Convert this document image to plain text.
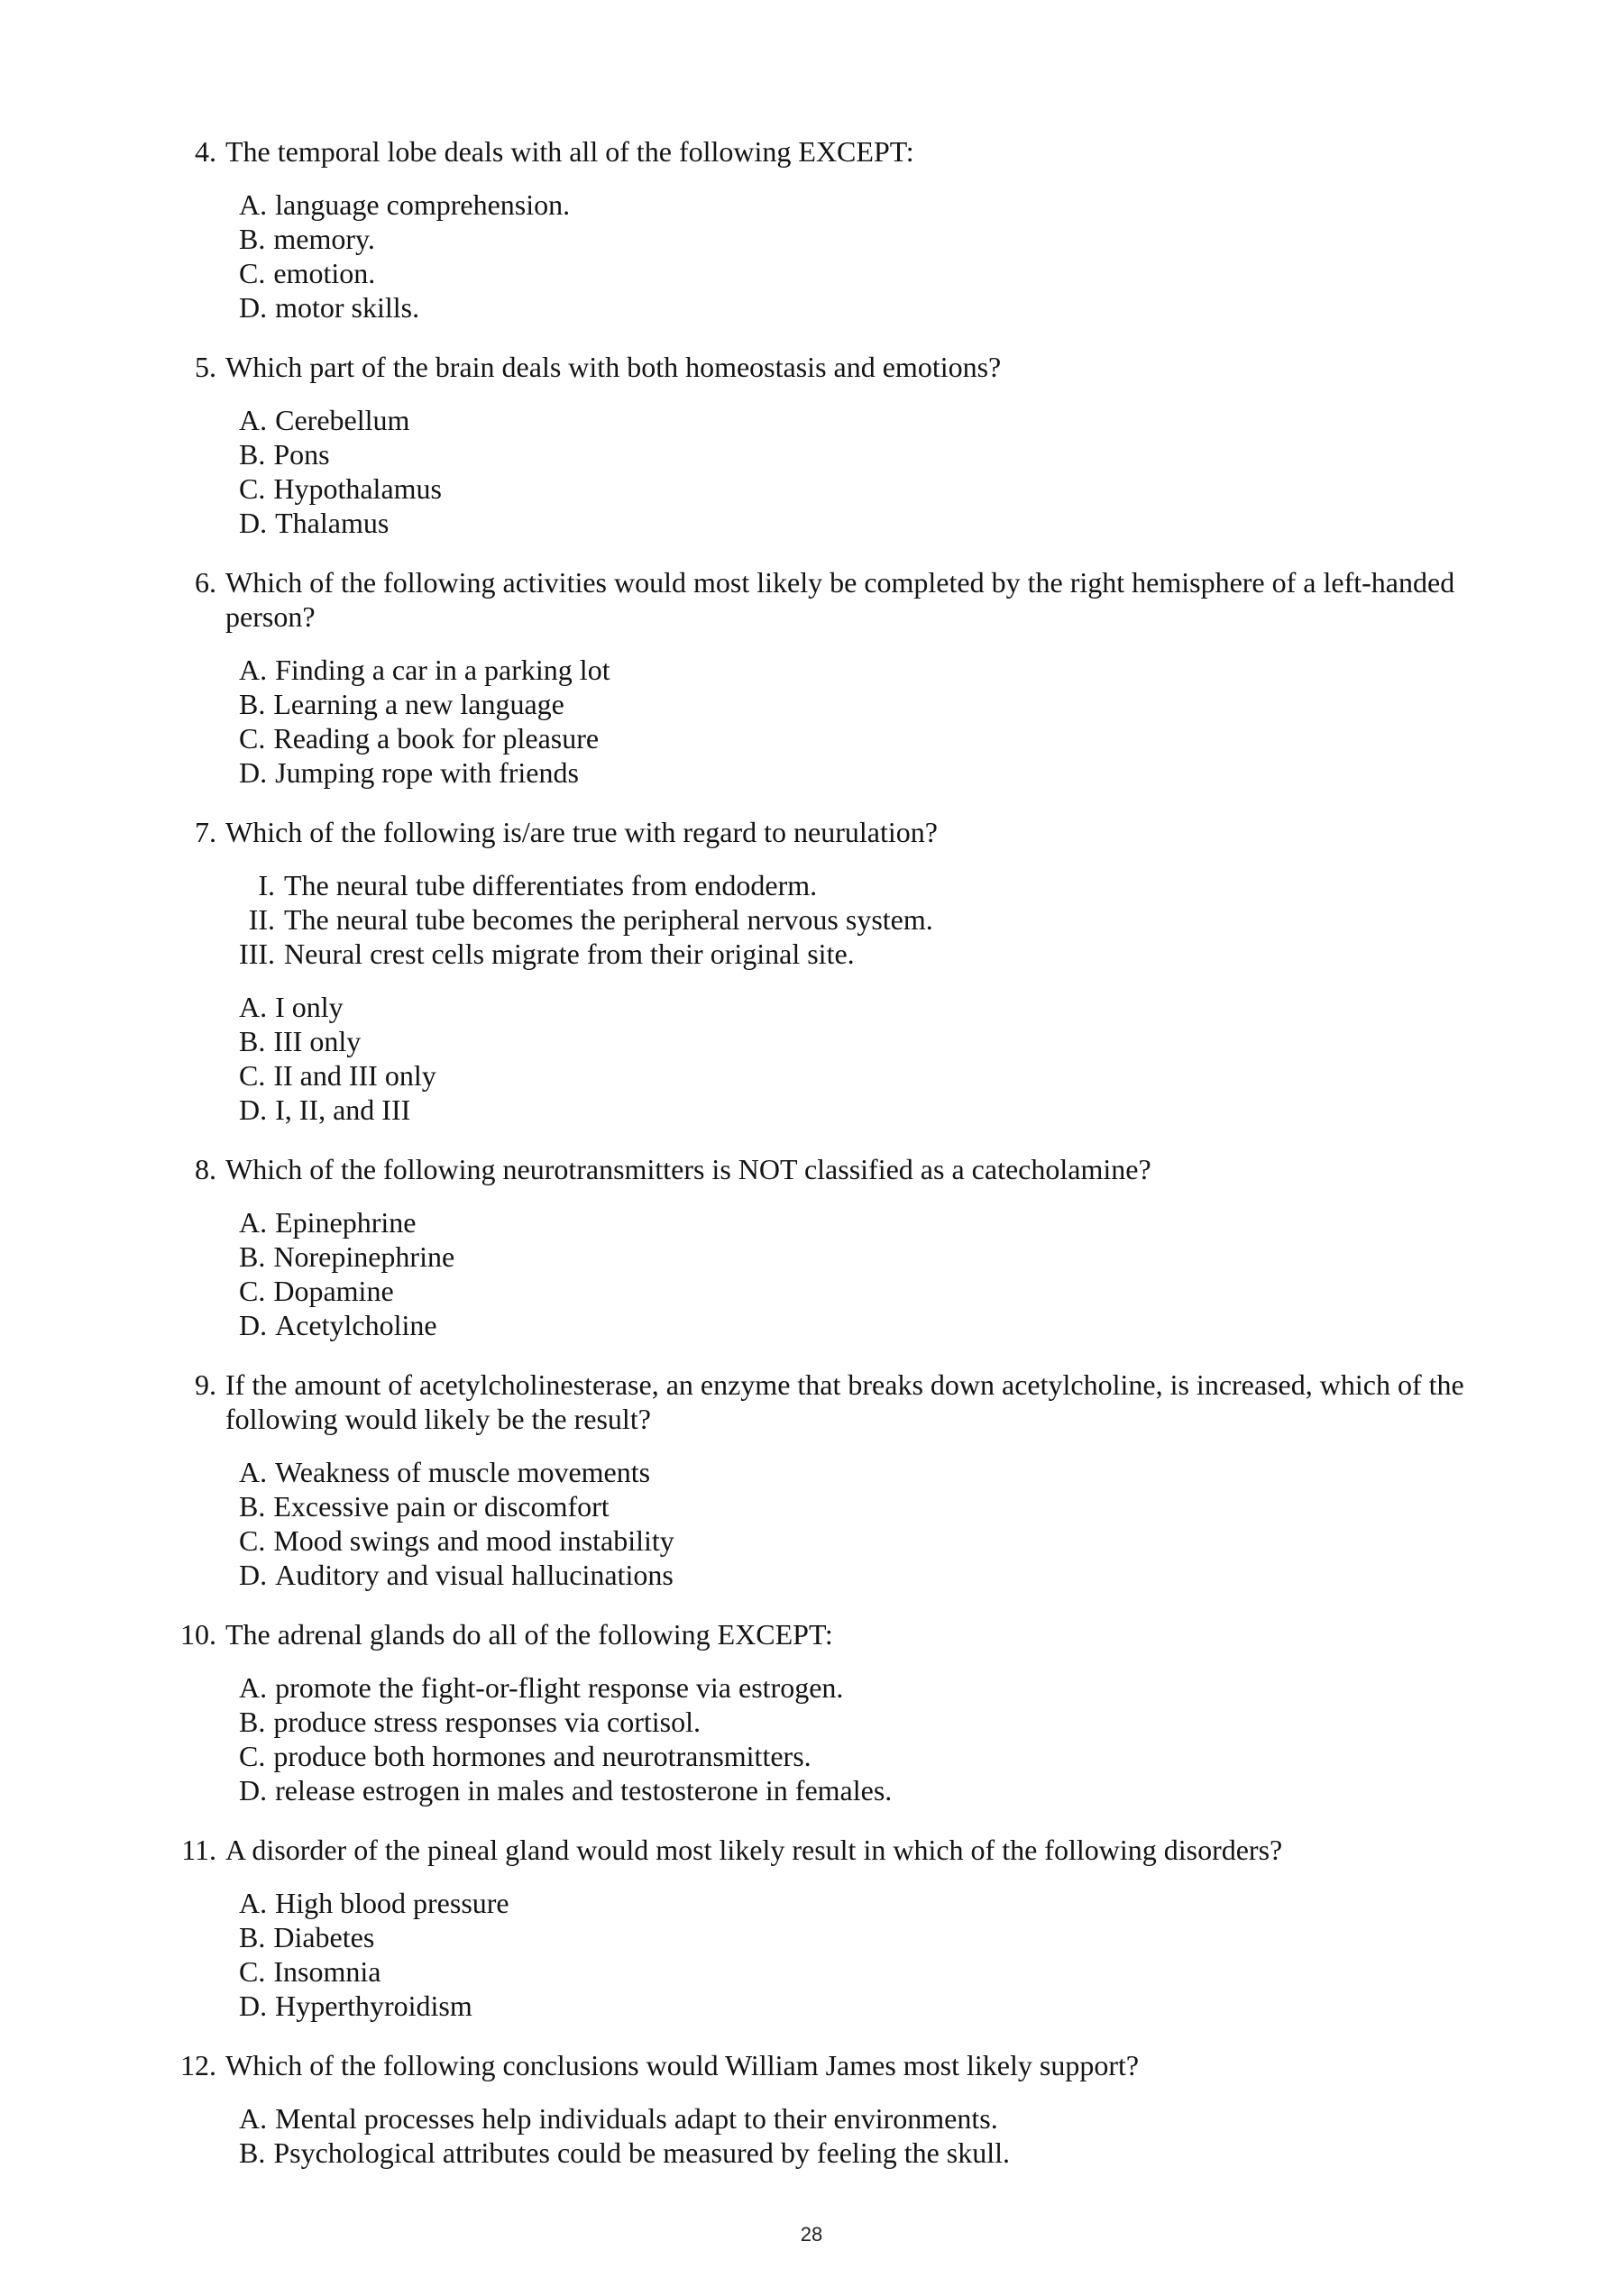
4. The temporal lobe deals with all of the following EXCEPT:

A. language comprehension.
B. memory.
C. emotion.
D. motor skills.
5. Which part of the brain deals with both homeostasis and emotions?

A. Cerebellum
B. Pons
C. Hypothalamus
D. Thalamus
6. Which of the following activities would most likely be completed by the right hemisphere of a left-handed person?

A. Finding a car in a parking lot
B. Learning a new language
C. Reading a book for pleasure
D. Jumping rope with friends
7. Which of the following is/are true with regard to neurulation?

I. The neural tube differentiates from endoderm.
II. The neural tube becomes the peripheral nervous system.
III. Neural crest cells migrate from their original site.
A. I only
B. III only
C. II and III only
D. I, II, and III
8. Which of the following neurotransmitters is NOT classified as a catecholamine?

A. Epinephrine
B. Norepinephrine
C. Dopamine
D. Acetylcholine
9. If the amount of acetylcholinesterase, an enzyme that breaks down acetylcholine, is increased, which of the following would likely be the result?

A. Weakness of muscle movements
B. Excessive pain or discomfort
C. Mood swings and mood instability
D. Auditory and visual hallucinations
10. The adrenal glands do all of the following EXCEPT:

A. promote the fight-or-flight response via estrogen.
B. produce stress responses via cortisol.
C. produce both hormones and neurotransmitters.
D. release estrogen in males and testosterone in females.
11. A disorder of the pineal gland would most likely result in which of the following disorders?

A. High blood pressure
B. Diabetes
C. Insomnia
D. Hyperthyroidism
12. Which of the following conclusions would William James most likely support?

A. Mental processes help individuals adapt to their environments.
B. Psychological attributes could be measured by feeling the skull.
28
